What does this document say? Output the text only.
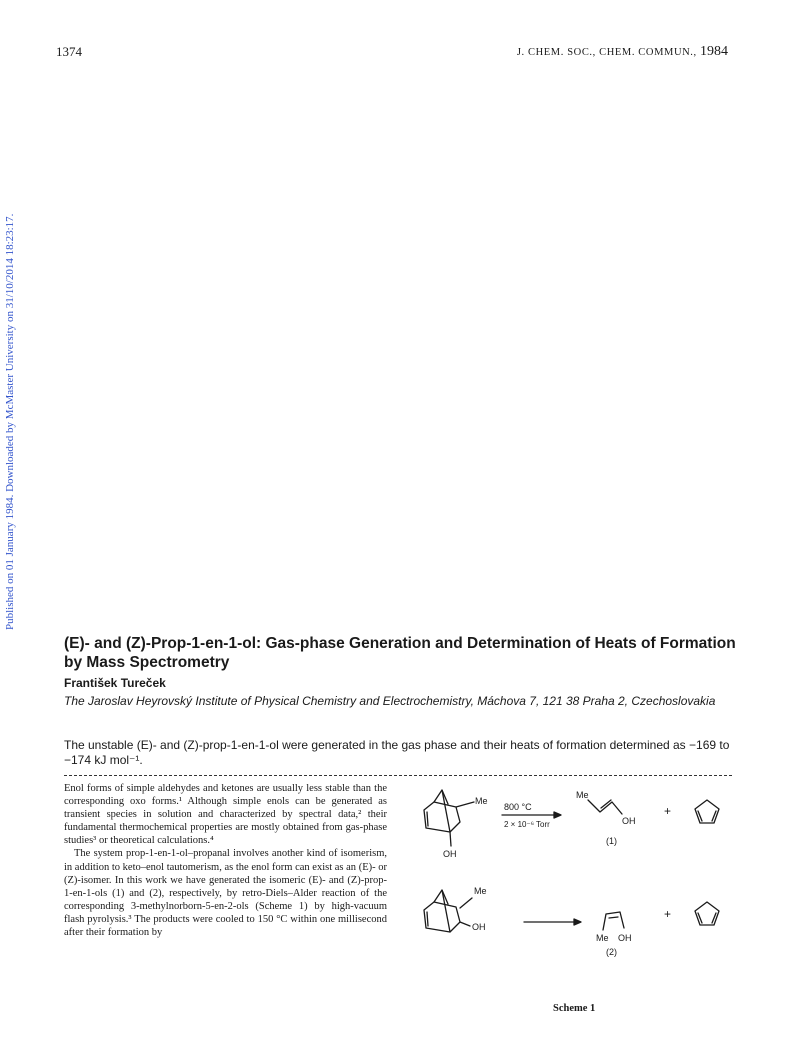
1374	J. CHEM. SOC., CHEM. COMMUN., 1984
Published on 01 January 1984. Downloaded by McMaster University on 31/10/2014 18:23:17.
(E)- and (Z)-Prop-1-en-1-ol: Gas-phase Generation and Determination of Heats of Formation by Mass Spectrometry
František Tureček
The Jaroslav Heyrovský Institute of Physical Chemistry and Electrochemistry, Máchova 7, 121 38 Praha 2, Czechoslovakia
The unstable (E)- and (Z)-prop-1-en-1-ol were generated in the gas phase and their heats of formation determined as −169 to −174 kJ mol⁻¹.

Enol forms of simple aldehydes and ketones are usually less stable than the corresponding oxo forms.¹ Although simple enols can be generated as transient species in solution and characterized by spectral data,² their fundamental thermochemical properties are mostly obtained from gas-phase studies³ or theoretical calculations.⁴

The system prop-1-en-1-ol–propanal involves another kind of isomerism, in addition to keto–enol tautomerism, as the enol form can exist as an (E)- or (Z)-isomer. In this work we have generated the isomeric (E)- and (Z)-prop-1-en-1-ols (1) and (2), respectively, by retro-Diels–Alder reaction of the corresponding 3-methylnorborn-5-en-2-ols (Scheme 1) by high-vacuum flash pyrolysis.³ The products were cooled to 150 °C within one millisecond after their formation by

Me
OH
800 °C
2 × 10⁻⁶ Torr
Me
OH
+
(1)
Me
OH
Me OH
+
(2)
Scheme 1
